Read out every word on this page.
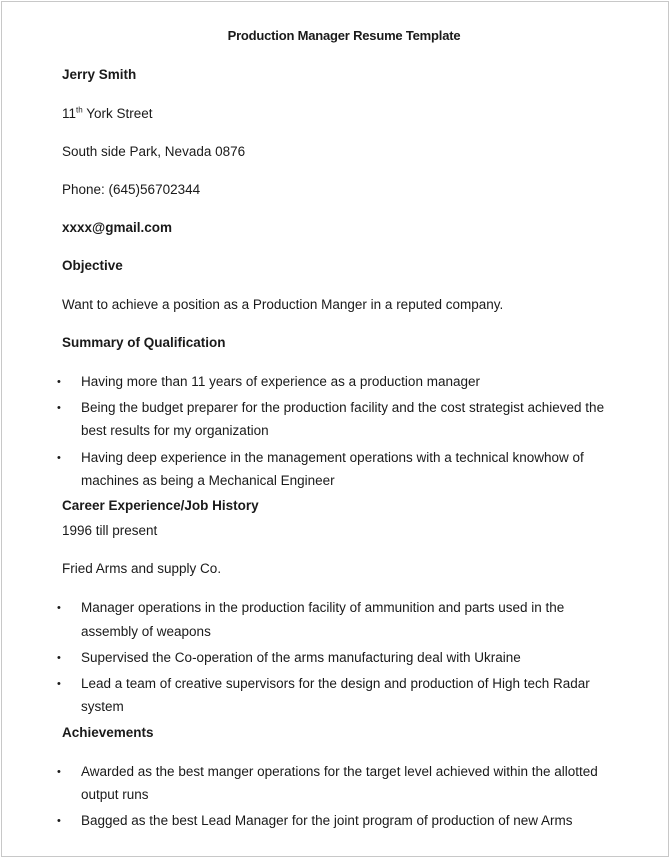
Production Manager Resume Template
Jerry Smith
11th York Street
South side Park, Nevada 0876
Phone: (645)56702344
xxxx@gmail.com
Objective
Want to achieve a position as a Production Manger in a reputed company.
Summary of Qualification
• Having more than 11 years of experience as a production manager
• Being the budget preparer for the production facility and the cost strategist achieved the
best results for my organization
• Having deep experience in the management operations with a technical knowhow of
machines as being a Mechanical Engineer
Career Experience/Job History
1996 till present
Fried Arms and supply Co.
• Manager operations in the production facility of ammunition and parts used in the
assembly of weapons
• Supervised the Co-operation of the arms manufacturing deal with Ukraine
• Lead a team of creative supervisors for the design and production of High tech Radar
system
Achievements
• Awarded as the best manger operations for the target level achieved within the allotted
output runs
• Bagged as the best Lead Manager for the joint program of production of new Arms
